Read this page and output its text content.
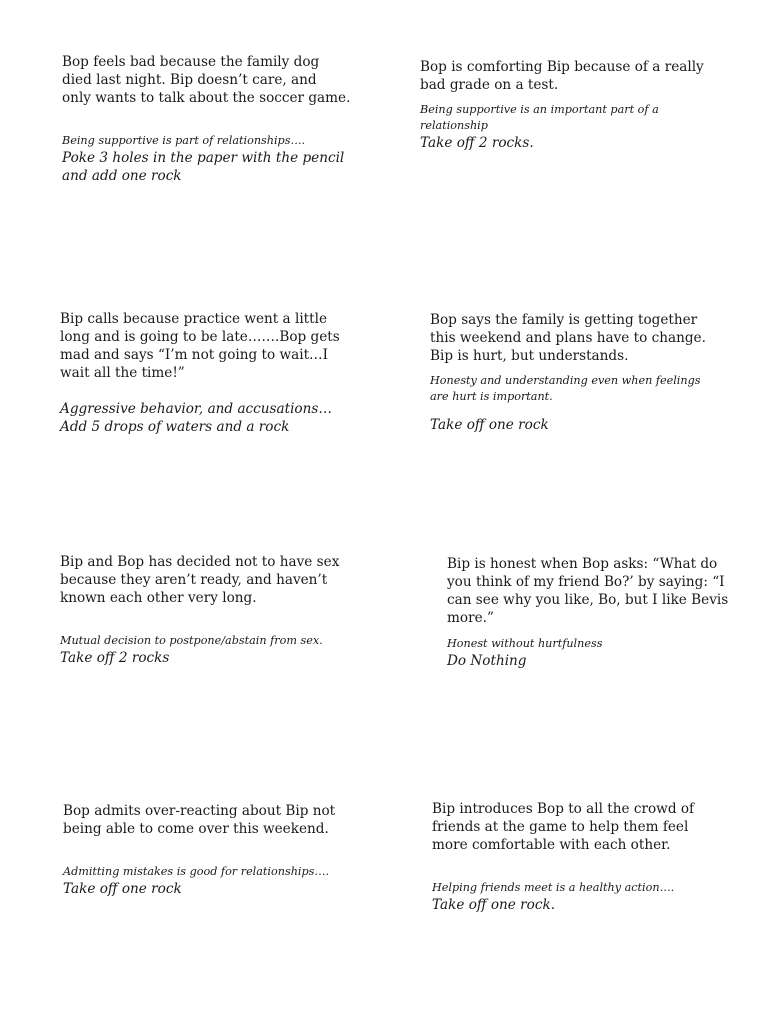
Bop feels bad because the family dog
died last night. Bip doesn’t care, and
only wants to talk about the soccer game.

Being supportive is part of relationships….

Poke 3 holes in the paper with the pencil
and add one rock

Bop is comforting Bip because of a really
bad grade on a test.

Being supportive is an important part of a
relationship

Take off 2 rocks.

Bip calls because practice went a little
long and is going to be late…….Bop gets
mad and says “I’m not going to wait…I
wait all the time!”

Aggressive behavior, and accusations…
Add 5 drops of waters and a rock

Bop says the family is getting together
this weekend and plans have to change.
Bip is hurt, but understands.

Honesty and understanding even when feelings
are hurt is important.

Take off one rock

Bip and Bop has decided not to have sex
because they aren’t ready, and haven’t
known each other very long.

Mutual decision to postpone/abstain from sex.

Take off 2 rocks

Bip is honest when Bop asks: “What do
you think of my friend Bo?’ by saying: “I
can see why you like, Bo, but I like Bevis
more.”

Honest without hurtfulness

Do Nothing

Bop admits over-reacting about Bip not
being able to come over this weekend.

Admitting mistakes is good for relationships….

Take off one rock

Bip introduces Bop to all the crowd of
friends at the game to help them feel
more comfortable with each other.

Helping friends meet is a healthy action….

Take off one rock.
